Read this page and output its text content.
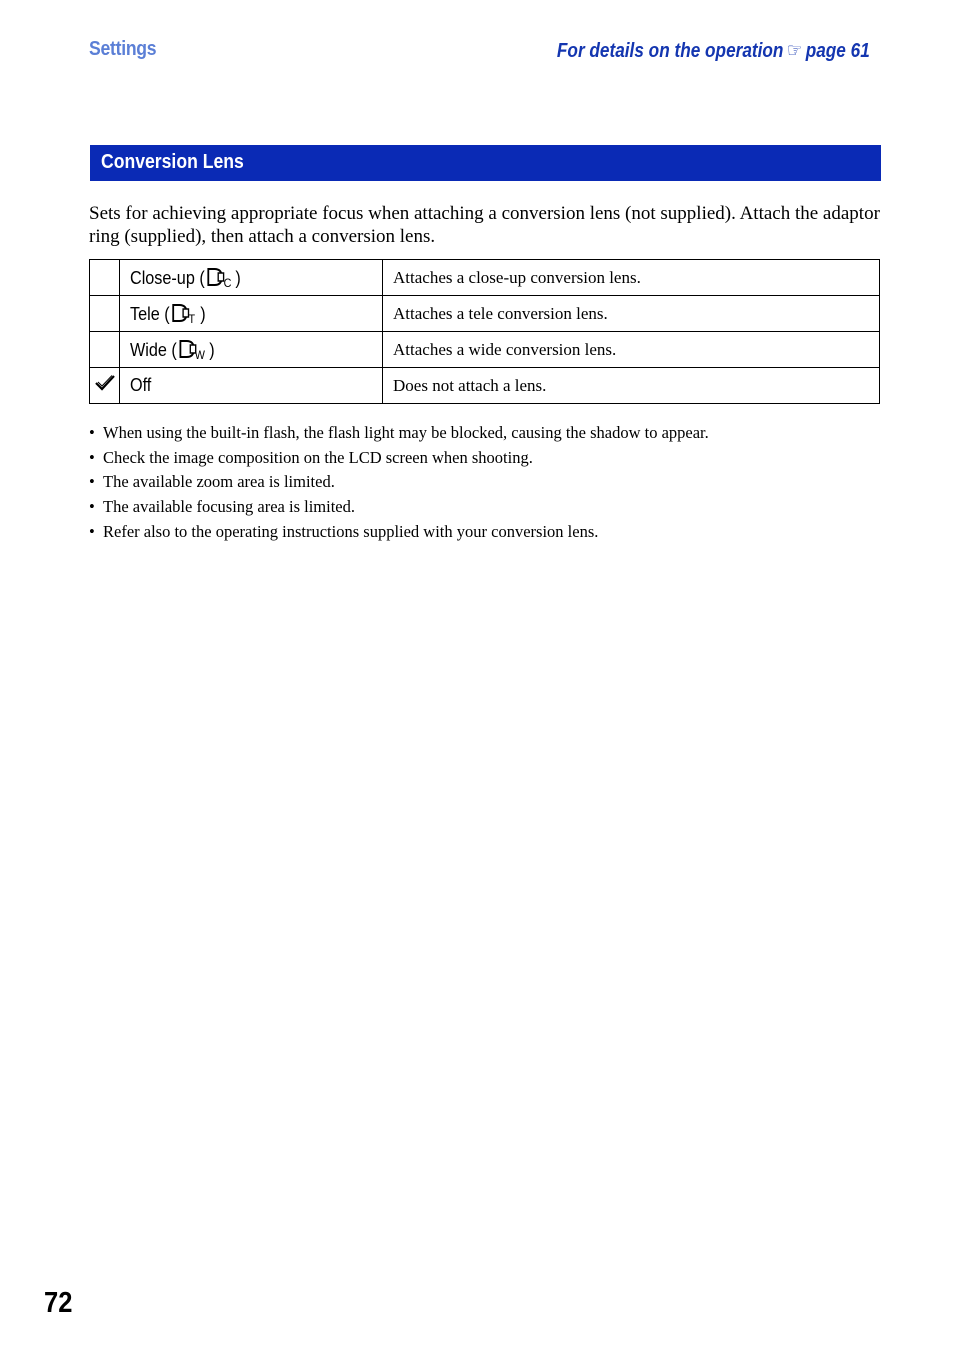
Settings	For details on the operation ☞ page 61
Conversion Lens

Sets for achieving appropriate focus when attaching a conversion lens (not supplied). Attach the adaptor ring (supplied), then attach a conversion lens.

	Close-up ( C )	Attaches a close-up conversion lens.
	Tele ( T )	Attaches a tele conversion lens.
	Wide ( W )	Attaches a wide conversion lens.
	Off	Does not attach a lens.
• When using the built-in flash, the flash light may be blocked, causing the shadow to appear.
• Check the image composition on the LCD screen when shooting.
• The available zoom area is limited.
• The available focusing area is limited.
• Refer also to the operating instructions supplied with your conversion lens.
72
